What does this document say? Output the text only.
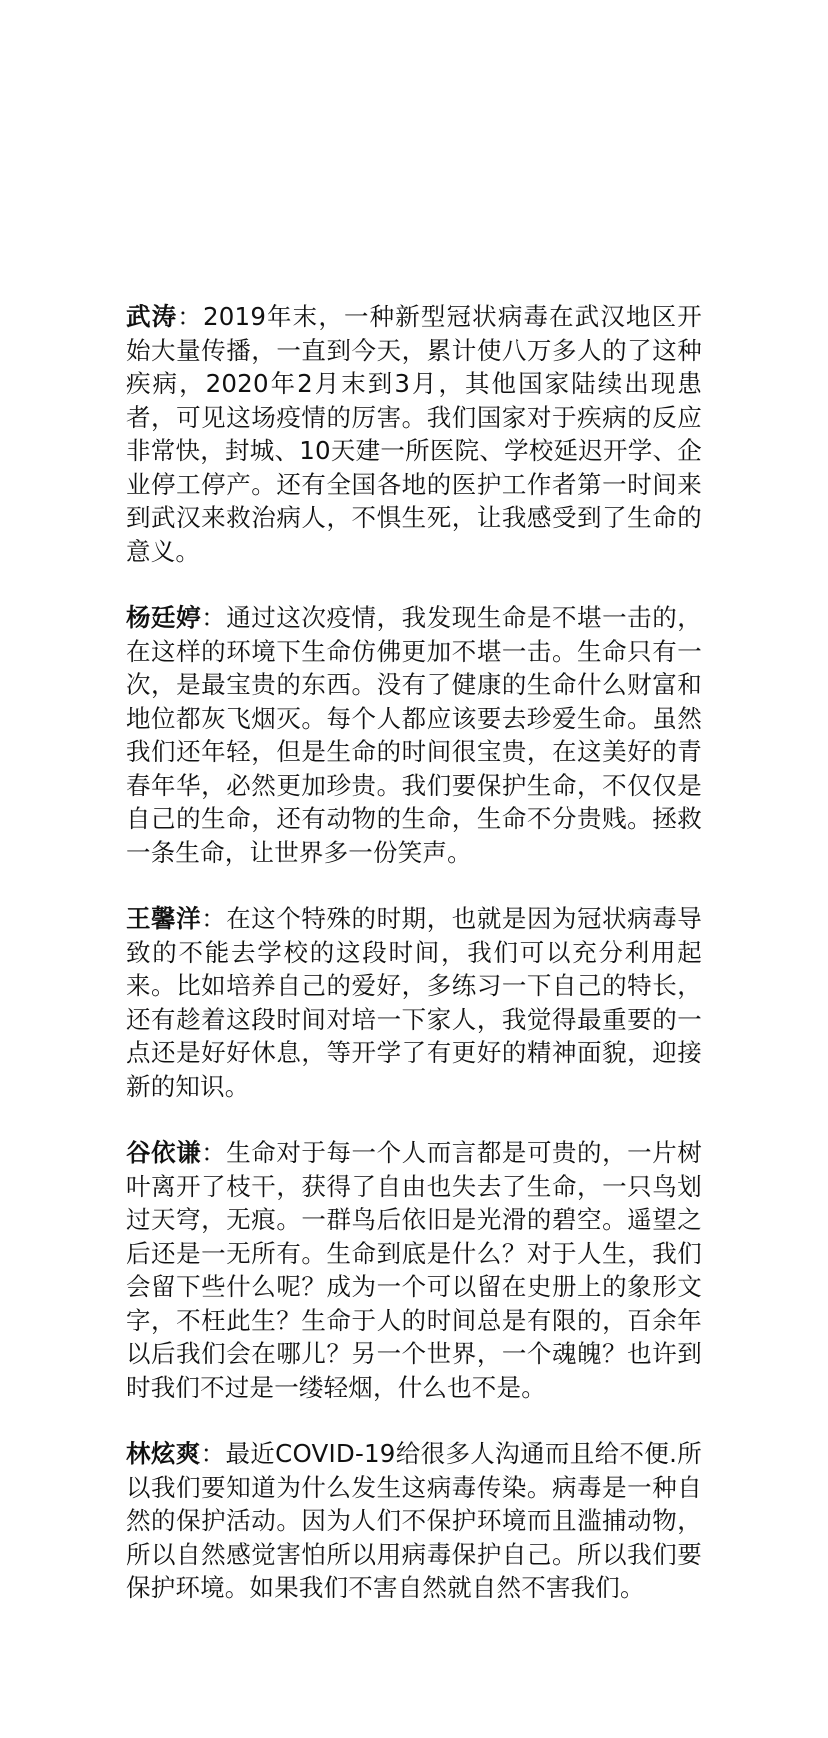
武涛：2019年末，一种新型冠状病毒在武汉地区开始大量传播，一直到今天，累计使八万多人的了这种疾病，2020年2月末到3月，其他国家陆续出现患者，可见这场疫情的厉害。我们国家对于疾病的反应非常快，封城、10天建一所医院、学校延迟开学、企业停工停产。还有全国各地的医护工作者第一时间来到武汉来救治病人，不惧生死，让我感受到了生命的意义。

杨廷婷：通过这次疫情，我发现生命是不堪一击的，在这样的环境下生命仿佛更加不堪一击。生命只有一次，是最宝贵的东西。没有了健康的生命什么财富和地位都灰飞烟灭。每个人都应该要去珍爱生命。虽然我们还年轻，但是生命的时间很宝贵，在这美好的青春年华，必然更加珍贵。我们要保护生命，不仅仅是自己的生命，还有动物的生命，生命不分贵贱。拯救一条生命，让世界多一份笑声。

王馨洋：在这个特殊的时期，也就是因为冠状病毒导致的不能去学校的这段时间，我们可以充分利用起来。比如培养自己的爱好，多练习一下自己的特长，还有趁着这段时间对培一下家人，我觉得最重要的一点还是好好休息，等开学了有更好的精神面貌，迎接新的知识。

谷依谦：生命对于每一个人而言都是可贵的，一片树叶离开了枝干，获得了自由也失去了生命，一只鸟划过天穹，无痕。一群鸟后依旧是光滑的碧空。遥望之后还是一无所有。生命到底是什么？对于人生，我们会留下些什么呢？成为一个可以留在史册上的象形文字，不枉此生？生命于人的时间总是有限的，百余年以后我们会在哪儿？另一个世界，一个魂魄？也许到时我们不过是一缕轻烟，什么也不是。

林炫爽：最近COVID-19给很多人沟通而且给不便.所以我们要知道为什么发生这病毒传染。病毒是一种自然的保护活动。因为人们不保护环境而且滥捕动物，所以自然感觉害怕所以用病毒保护自己。所以我们要保护环境。如果我们不害自然就自然不害我们。
